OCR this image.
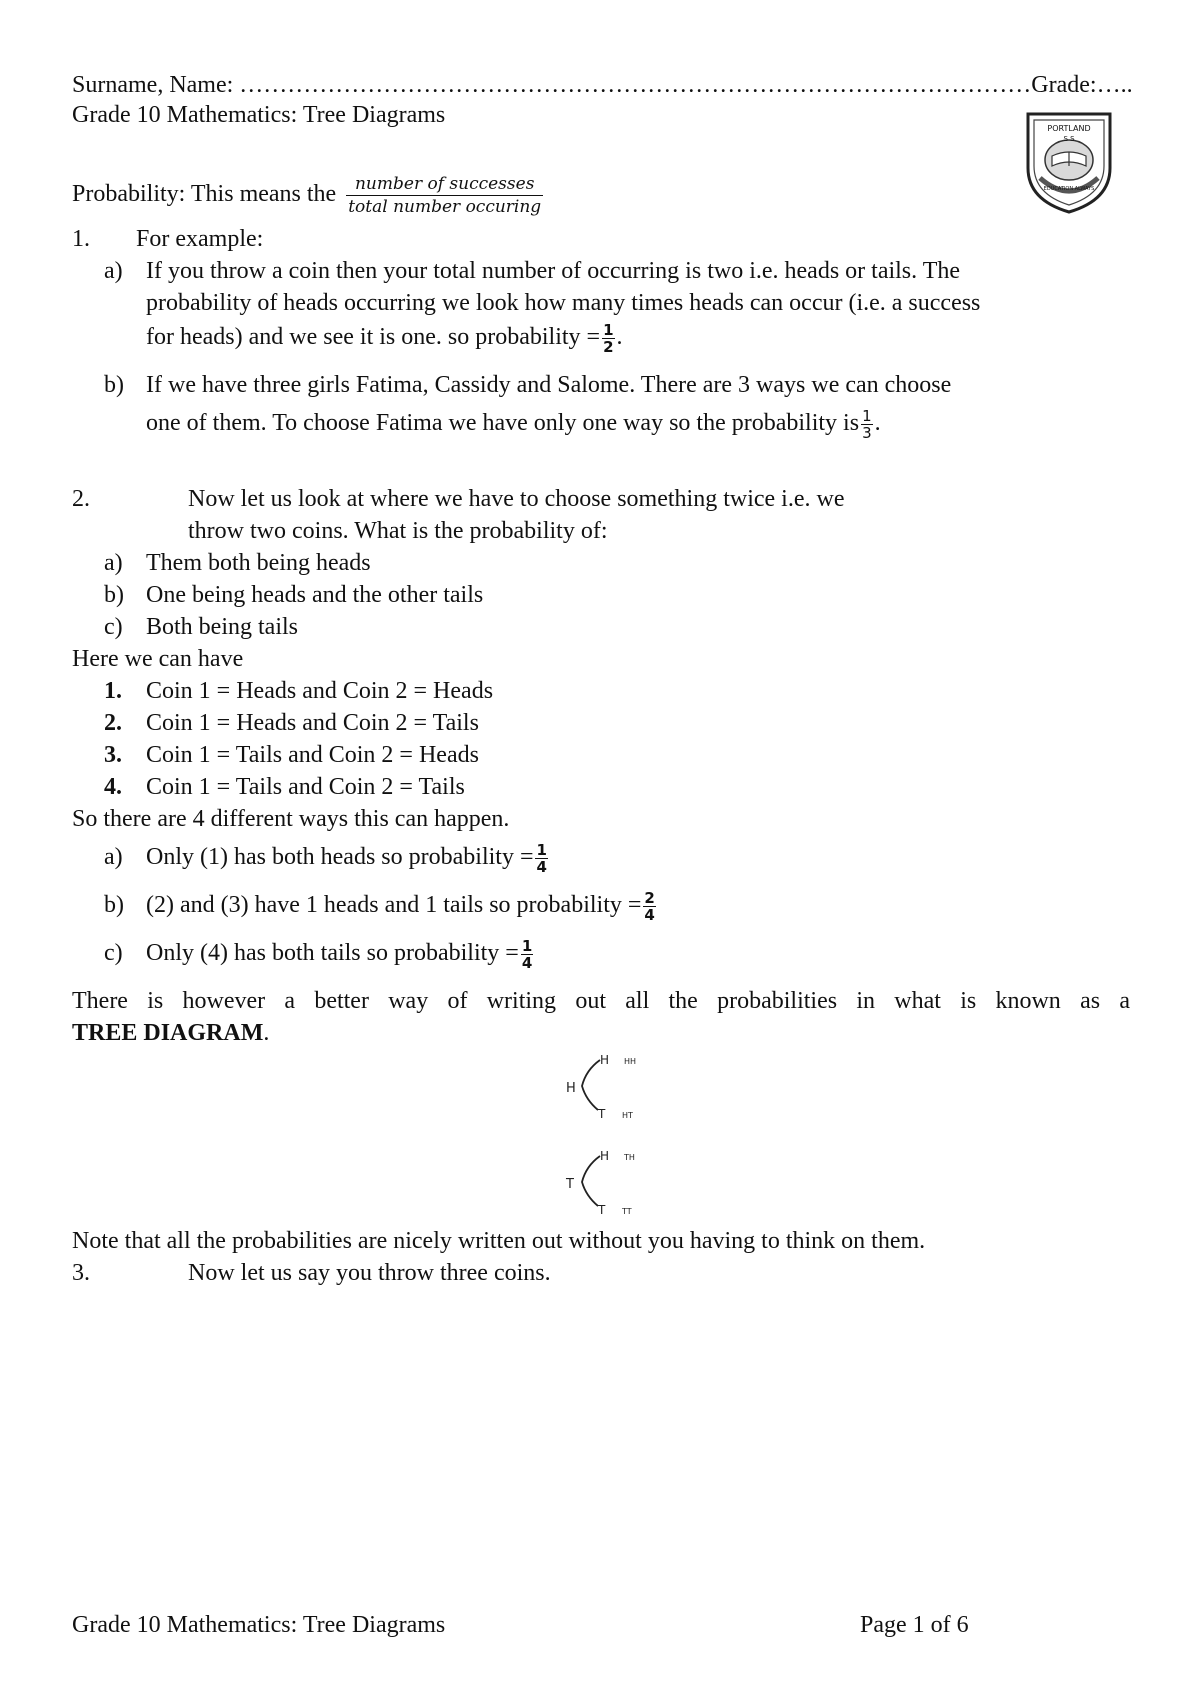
Surname, Name: ………………………………………………………………………………………Grade:…..
Grade 10 Mathematics: Tree Diagrams
PORTLAND
S S
EDUCATION ALWAYS
Probability: This means the $\frac{\text{number of successes}}{\text{total number occuring}}$
1. For example:
a) If you throw a coin then your total number of occurring is two i.e. heads or tails. The
probability of heads occurring we look how many times heads can occur (i.e. a success
for heads) and we see it is one. so probability = $\frac{1}{2}$ .
b) If we have three girls Fatima, Cassidy and Salome. There are 3 ways we can choose
one of them. To choose Fatima we have only one way so the probability is $\frac{1}{3}$ .
2.	Now let us look at where we have to choose something twice i.e. we
throw two coins. What is the probability of:
a) Them both being heads
b) One being heads and the other tails
c) Both being tails
Here we can have
1. Coin 1 = Heads and Coin 2 = Heads
2. Coin 1 = Heads and Coin 2 = Tails
3. Coin 1 = Tails and Coin 2 = Heads
4. Coin 1 = Tails and Coin 2 = Tails
So there are 4 different ways this can happen.
a) Only (1) has both heads so probability = $\frac{1}{4}$
b) (2) and (3) have 1 heads and 1 tails so probability = $\frac{2}{4}$
c) Only (4) has both tails so probability = $\frac{1}{4}$
There is however a better way of writing out all the probabilities in what is known as a
TREE DIAGRAM.
H
H HH
T HT
T
H TH
T TT
Note that all the probabilities are nicely written out without you having to think on them.
3.	Now let us say you throw three coins.
Grade 10 Mathematics: Tree Diagrams	Page 1 of 6
